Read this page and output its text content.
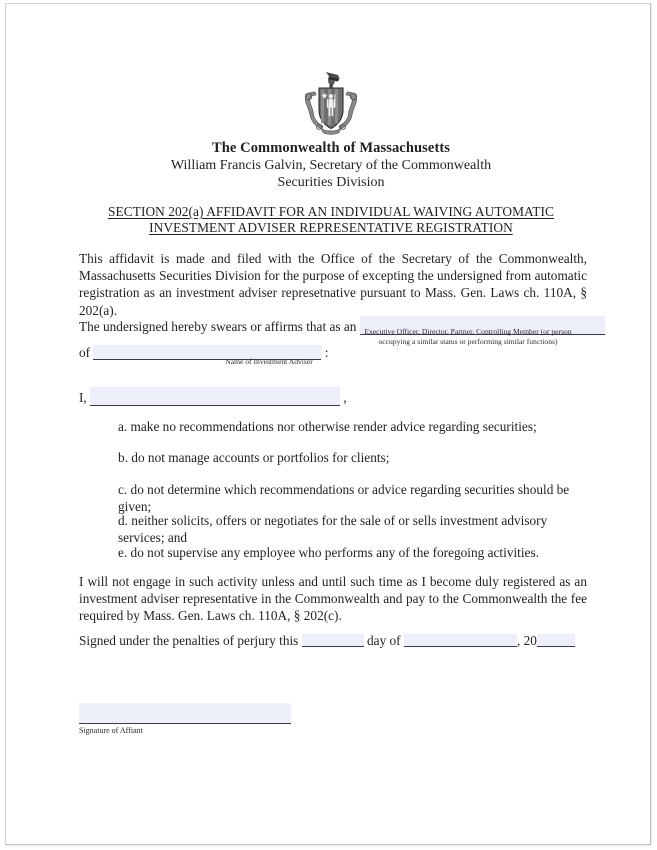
The Commonwealth of Massachusetts
William Francis Galvin, Secretary of the Commonwealth
Securities Division
SECTION 202(a) AFFIDAVIT FOR AN INDIVIDUAL WAIVING AUTOMATIC
INVESTMENT ADVISER REPRESENTATIVE REGISTRATION
This affidavit is made and filed with the Office of the Secretary of the Commonwealth, Massachusetts Securities Division for the purpose of excepting the undersigned from automatic registration as an investment adviser represetnative pursuant to Mass. Gen. Laws ch. 110A, § 202(a).
The undersigned hereby swears or affirms that as an	Executive Officer, Director, Partner, Controlling Member (or person
occupying a similar status or performing similar functions)
of	:
Name of Investment Adviser
I,	,
a. make no recommendations nor otherwise render advice regarding securities;
b. do not manage accounts or portfolios for clients;
c. do not determine which recommendations or advice regarding securities should be given;
d. neither solicits, offers or negotiates for the sale of or sells investment advisory services; and
e. do not supervise any employee who performs any of the foregoing activities.
I will not engage in such activity unless and until such time as I become duly registered as an investment adviser representative in the Commonwealth and pay to the Commonwealth the fee required by Mass. Gen. Laws ch. 110A, § 202(c).
Signed under the penalties of perjury this	day of	, 20
Signature of Affiant
